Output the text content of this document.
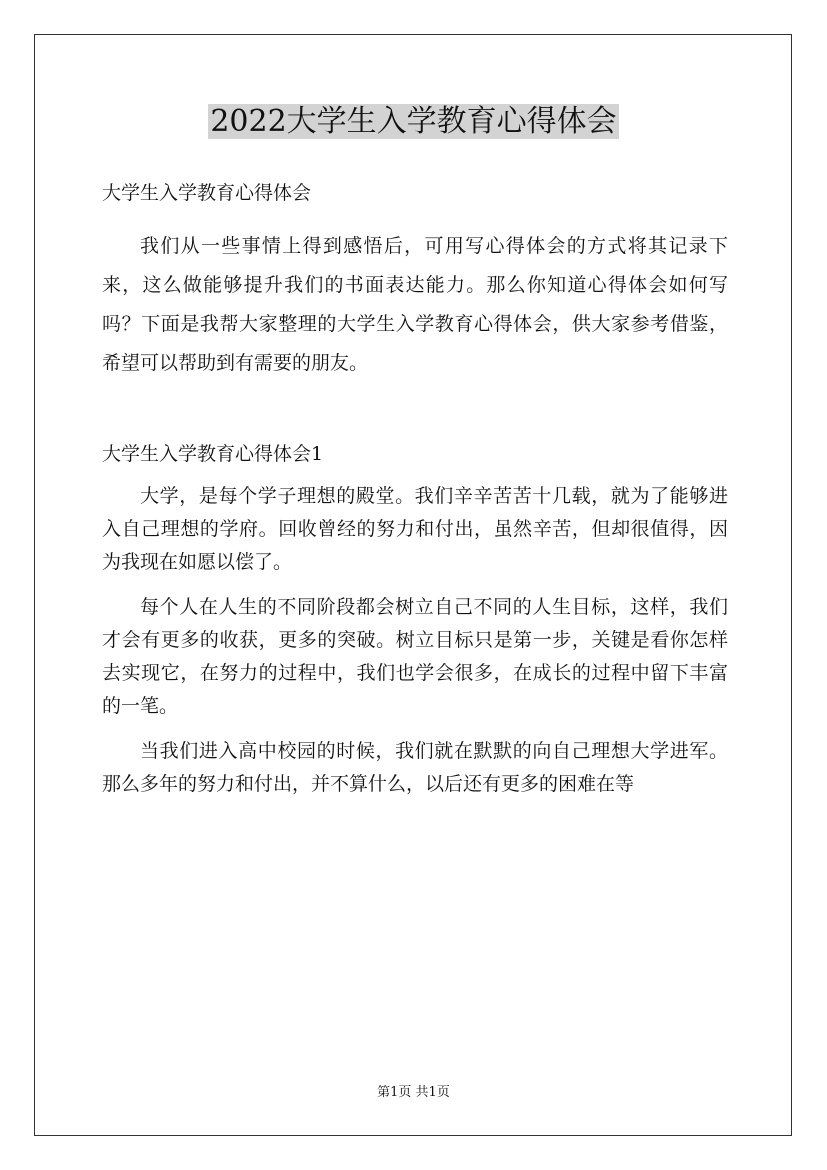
2022大学生入学教育心得体会

大学生入学教育心得体会

我们从一些事情上得到感悟后，可用写心得体会的方式将其记录下来，这么做能够提升我们的书面表达能力。那么你知道心得体会如何写吗？下面是我帮大家整理的大学生入学教育心得体会，供大家参考借鉴，希望可以帮助到有需要的朋友。

大学生入学教育心得体会1

大学，是每个学子理想的殿堂。我们辛辛苦苦十几载，就为了能够进入自己理想的学府。回收曾经的努力和付出，虽然辛苦，但却很值得，因为我现在如愿以偿了。

每个人在人生的不同阶段都会树立自己不同的人生目标，这样，我们才会有更多的收获，更多的突破。树立目标只是第一步，关键是看你怎样去实现它，在努力的过程中，我们也学会很多，在成长的过程中留下丰富的一笔。

当我们进入高中校园的时候，我们就在默默的向自己理想大学进军。那么多年的努力和付出，并不算什么，以后还有更多的困难在等

第1页 共1页
